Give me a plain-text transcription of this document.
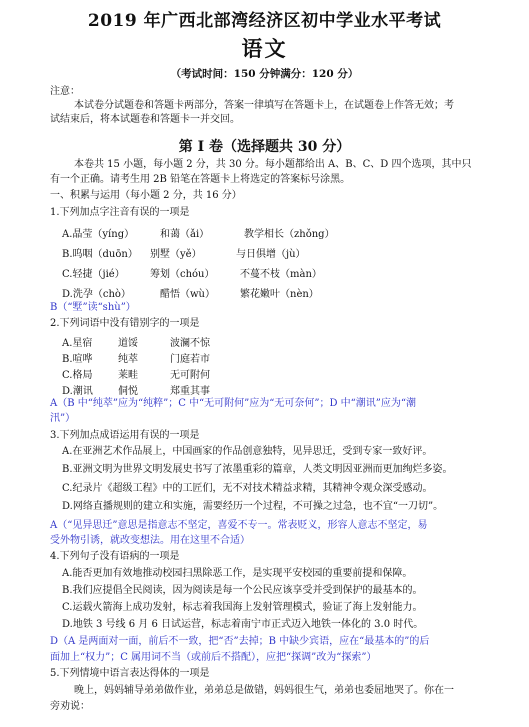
2019 年广西北部湾经济区初中学业水平考试
语文
（考试时间：150 分钟满分：120 分）
注意：
本试卷分试题卷和答题卡两部分，答案一律填写在答题卡上，在试题卷上作答无效；考
试结束后，将本试题卷和答题卡一并交回。
第 I 卷（选择题共 30 分）
本卷共 15 小题，每小题 2 分，共 30 分。每小题都给出 A、B、C、D 四个选项，其中只
有一个正确。请考生用 2B 铅笔在答题卡上将选定的答案标号涂黑。
一、积累与运用（每小题 2 分，共 16 分）
1.下列加点字注音有误的一项是
A.晶莹（yíng）	和蔼（ǎi）	教学相长（zhǒng）
B.呜咽（duōn） 别墅（yě）	与日俱增（jù）
C.轻捷（jié）	筹划（chóu）	不蔓不枝（màn）
D.洗孕（chò）	醋悟（wù）	繁花嫩叶（nèn）
B（“墅”读“shù”）
2.下列词语中没有错别字的一项是
A.星宿	道馁	波澜不惊
B.喧哗	纯萃	门庭若市
C.格局	莱畦	无可附何
D.潮讯	侗悦	郑重其事
A（B 中“纯萃”应为“纯粹”；C 中“无可附何”应为“无可奈何”；D 中“潮讯”应为“潮
汛”）
3.下列加点成语运用有误的一项是
A.在亚洲艺术作品展上，中国画家的作品创意独特，见异思迁，受到专家一致好评。
B.亚洲文明为世界文明发展史书写了浓墨重彩的篇章，人类文明因亚洲而更加绚烂多姿。
C.纪录片《超级工程》中的工匠们，无不对技术精益求精，其精神令观众深受感动。
D.网络直播规则的建立和实施，需要经历一个过程，不可操之过急，也不宜“一刀切”。
A（“见异思迁”意思是指意志不坚定，喜爱不专一。常表贬义，形容人意志不坚定，易
受外物引诱，就改变想法。用在这里不合适）
4.下列句子没有语病的一项是
A.能否更加有效地推动校园扫黑除恶工作，是实现平安校园的重要前提和保障。
B.我们应提倡全民阅读，因为阅读是每一个公民应该享受并受到保护的最基本的。
C.运载火箭海上成功发射，标志着我国海上发射管理模式，验证了海上发射能力。
D.地铁 3 号线 6 月 6 日试运营，标志着南宁市正式迈入地铁一体化的 3.0 时代。
D（A 是两面对一面，前后不一致，把“否”去掉；B 中缺少宾语，应在“最基本的”的后
面加上“权力”；C 属用词不当（或前后不搭配），应把“探调”改为“探索”）
5.下列情境中语言表达得体的一项是
晚上，妈妈辅导弟弟做作业，弟弟总是做错，妈妈很生气，弟弟也委屈地哭了。你在一
旁劝说：
